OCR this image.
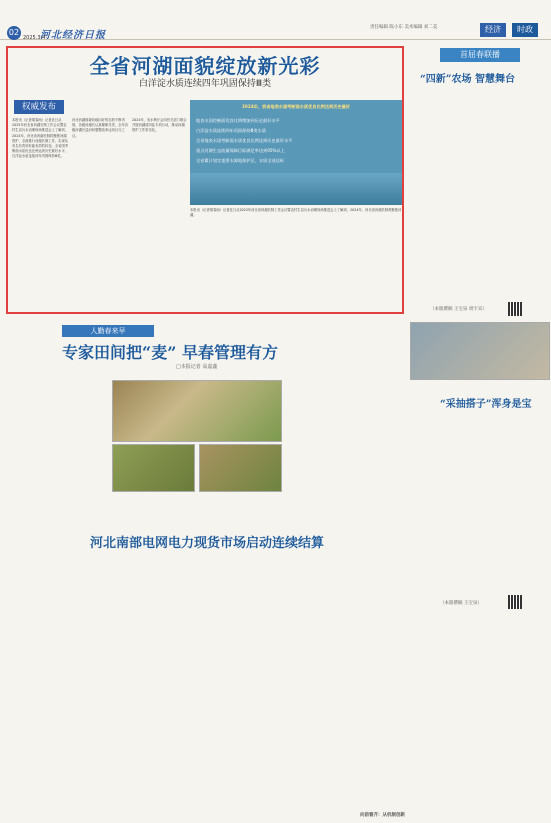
02 河北经济日报
2025.3.4
责任编辑 陈小东 美术编辑 刘二美	经济	时政
全省河湖面貌绽放新光彩
白洋淀水质连续四年巩固保持Ⅲ类
权威发布
本报讯（记者胡春雨）记者近日从2025年河北省河湖长制工作会议暨农村生活污水治理现场推进会上了解到，2024年，河北省河湖长制将聚焦河湖管护，全面推行河湖长制工作，实现从有名有责到有能有效的转变。全省国考断面水质优良比例达到历史最好水平，白洋淀水质连续四年巩固保持Ⅲ类。
河北河湖面貌向稳向好的态势不断巩固，各级河湖长认真履职尽责，全年各级河湖长巡河问题整改率达到百分之百。
2024年，省水利厅会同有关部门联合开展河湖清四乱专项行动，推动河湖管护工作常态化。
2024年，我省地表水国考断面水质优良比例达到历史最好
地表水国控断面优良比例增加到历史最好水平
白洋淀水质连续四年巩固保持Ⅲ类水质
全省地表水国考断面水质优良比例达到历史最好水平
重点河湖生态流量保障目标满足率达到95%以上
全省累计划定重要水源地保护区，水质全部达标
本报讯（记者胡春雨）记者近日从2025年河北省河湖长制工作会议暨农村生活污水治理现场推进会上了解到，2024年，河北省河湖长制将聚焦河湖，
人勤春来早
专家田间把“麦” 早春管理有方
□本报记者 高嘉鑫
河北南部电网电力现货市场启动连续结算
首屈春联播
“四新”农场 智慧舞台
（本版撰稿 王宝泉 周宇宾）
“采抽搭子”浑身是宝
（本版撰稿 王宝泉）
向前看齐：从机制创新
